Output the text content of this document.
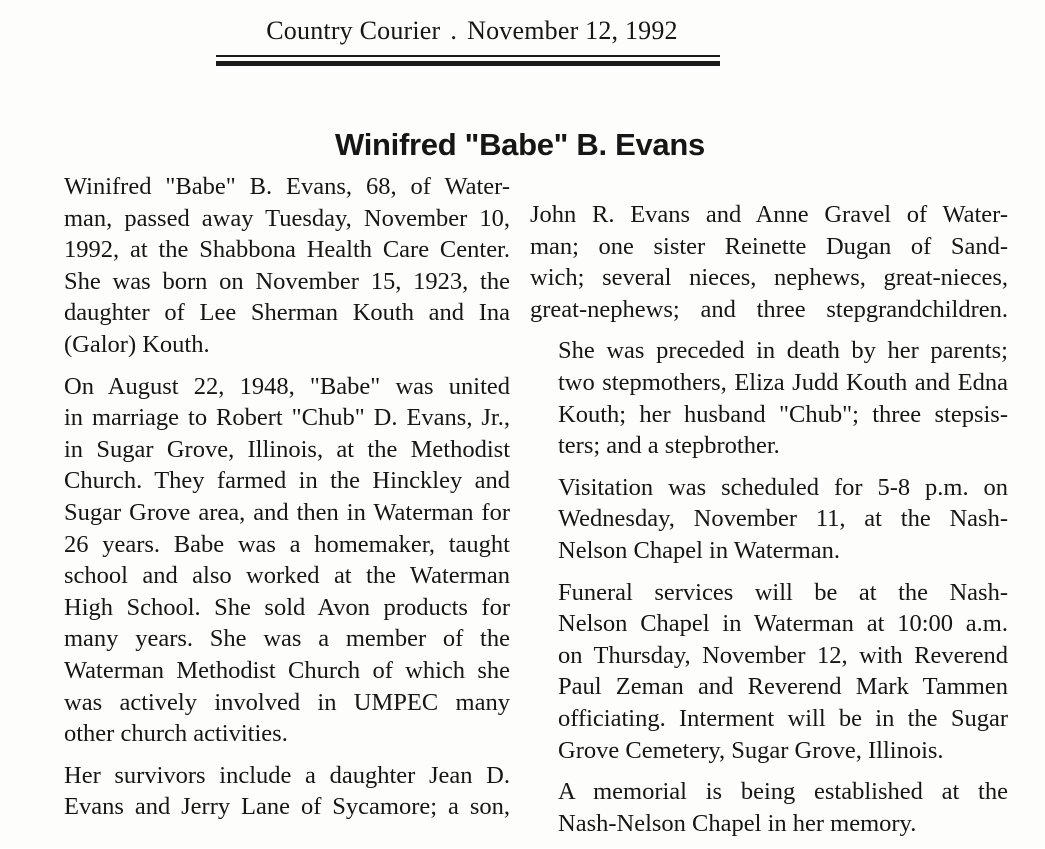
Country Courier . November 12, 1992
Winifred "Babe" B. Evans
Winifred "Babe" B. Evans, 68, of Water-
man, passed away Tuesday, November 10,
1992, at the Shabbona Health Care Center.
She was born on November 15, 1923, the
daughter of Lee Sherman Kouth and Ina
(Galor) Kouth.
On August 22, 1948, "Babe" was united
in marriage to Robert "Chub" D. Evans, Jr.,
in Sugar Grove, Illinois, at the Methodist
Church. They farmed in the Hinckley and
Sugar Grove area, and then in Waterman for
26 years. Babe was a homemaker, taught
school and also worked at the Waterman
High School. She sold Avon products for
many years. She was a member of the
Waterman Methodist Church of which she
was actively involved in UMPEC many
other church activities.
Her survivors include a daughter Jean D.
Evans and Jerry Lane of Sycamore; a son,
John R. Evans and Anne Gravel of Water-
man; one sister Reinette Dugan of Sand-
wich; several nieces, nephews, great-nieces,
great-nephews; and three stepgrandchildren.
She was preceded in death by her parents;
two stepmothers, Eliza Judd Kouth and Edna
Kouth; her husband "Chub"; three stepsis-
ters; and a stepbrother.
Visitation was scheduled for 5-8 p.m. on
Wednesday, November 11, at the Nash-
Nelson Chapel in Waterman.
Funeral services will be at the Nash-
Nelson Chapel in Waterman at 10:00 a.m.
on Thursday, November 12, with Reverend
Paul Zeman and Reverend Mark Tammen
officiating. Interment will be in the Sugar
Grove Cemetery, Sugar Grove, Illinois.
A memorial is being established at the
Nash-Nelson Chapel in her memory.
